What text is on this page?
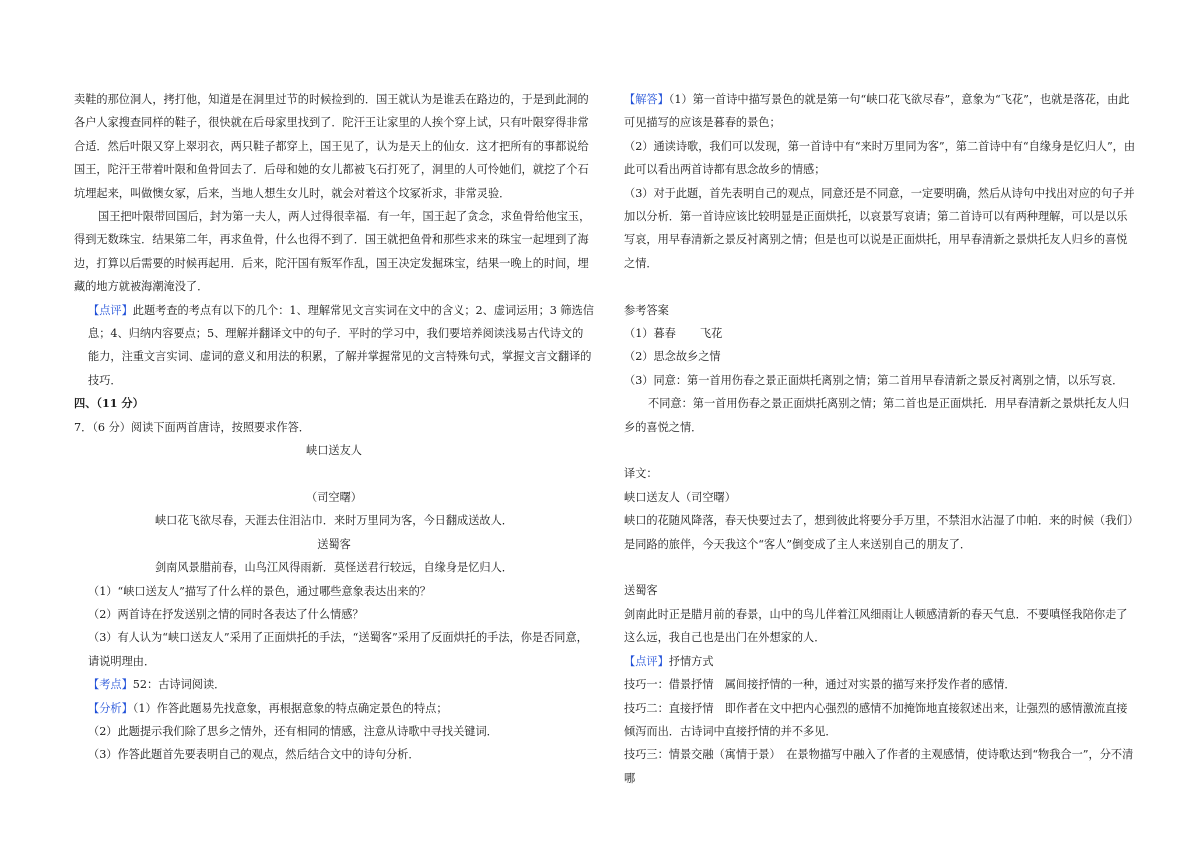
卖鞋的那位洞人，拷打他，知道是在洞里过节的时候捡到的．国王就认为是谁丢在路边的，于是到此洞的各户人家搜查同样的鞋子，很快就在后母家里找到了．陀汗王让家里的人挨个穿上试，只有叶限穿得非常合适．然后叶限又穿上翠羽衣，两只鞋子都穿上，国王见了，认为是天上的仙女．这才把所有的事都说给国王，陀汗王带着叶限和鱼骨回去了．后母和她的女儿都被飞石打死了，洞里的人可怜她们，就挖了个石坑埋起来，叫做懊女冢，后来，当地人想生女儿时，就会对着这个坟冢祈求，非常灵验．

国王把叶限带回国后，封为第一夫人，两人过得很幸福．有一年，国王起了贪念，求鱼骨给他宝玉，得到无数珠宝．结果第二年，再求鱼骨，什么也得不到了．国王就把鱼骨和那些求来的珠宝一起埋到了海边，打算以后需要的时候再起用．后来，陀汗国有叛军作乱，国王决定发掘珠宝，结果一晚上的时间，埋藏的地方就被海潮淹没了．

【点评】此题考查的考点有以下的几个：1、理解常见文言实词在文中的含义；2、虚词运用；3 筛选信息；4、归纳内容要点；5、理解并翻译文中的句子．平时的学习中，我们要培养阅读浅易古代诗文的能力，注重文言实词、虚词的意义和用法的积累，了解并掌握常见的文言特殊句式，掌握文言文翻译的技巧．

四、（11 分）

7．（6 分）阅读下面两首唐诗，按照要求作答．

峡口送友人

（司空曙）

峡口花飞欲尽春，天涯去住泪沾巾．来时万里同为客，今日翻成送故人．

送蜀客

剑南风景腊前春，山鸟江风得雨新．莫怪送君行较远，自缘身是忆归人．

（1）“峡口送友人”描写了什么样的景色，通过哪些意象表达出来的？

（2）两首诗在抒发送别之情的同时各表达了什么情感？

（3）有人认为“峡口送友人”采用了正面烘托的手法，“送蜀客”采用了反面烘托的手法，你是否同意，请说明理由．

【考点】52：古诗词阅读．

【分析】（1）作答此题易先找意象，再根据意象的特点确定景色的特点；

（2）此题提示我们除了思乡之情外，还有相同的情感，注意从诗歌中寻找关键词．

（3）作答此题首先要表明自己的观点，然后结合文中的诗句分析．

【解答】（1）第一首诗中描写景色的就是第一句“峡口花飞欲尽春”，意象为“飞花”，也就是落花，由此可见描写的应该是暮春的景色；

（2）通读诗歌，我们可以发现，第一首诗中有“来时万里同为客”，第二首诗中有“自缘身是忆归人”，由此可以看出两首诗都有思念故乡的情感；

（3）对于此题，首先表明自己的观点，同意还是不同意，一定要明确，然后从诗句中找出对应的句子并加以分析．第一首诗应该比较明显是正面烘托，以哀景写哀请；第二首诗可以有两种理解，可以是以乐写哀，用早春清新之景反衬离别之情；但是也可以说是正面烘托，用早春清新之景烘托友人归乡的喜悦之情．

参考答案

（1）暮春 飞花

（2）思念故乡之情

（3）同意：第一首用伤春之景正面烘托离别之情；第二首用早春清新之景反衬离别之情，以乐写哀．

不同意：第一首用伤春之景正面烘托离别之情；第二首也是正面烘托．用早春清新之景烘托友人归乡的喜悦之情．

译文：

峡口送友人（司空曙）

峡口的花随风降落，春天快要过去了，想到彼此将要分手万里，不禁泪水沾湿了巾帕．来的时候（我们）是同路的旅伴，今天我这个“客人”倒变成了主人来送别自己的朋友了．

送蜀客

剑南此时正是腊月前的春景，山中的鸟儿伴着江风细雨让人顿感清新的春天气息．不要嗔怪我陪你走了这么远，我自己也是出门在外想家的人．

【点评】抒情方式

技巧一：借景抒情　属间接抒情的一种，通过对实景的描写来抒发作者的感情．

技巧二：直接抒情　即作者在文中把内心强烈的感情不加掩饰地直接叙述出来，让强烈的感情激流直接倾泻而出．古诗词中直接抒情的并不多见．

技巧三：情景交融（寓情于景）　在景物描写中融入了作者的主观感情，使诗歌达到“物我合一”，分不清哪
